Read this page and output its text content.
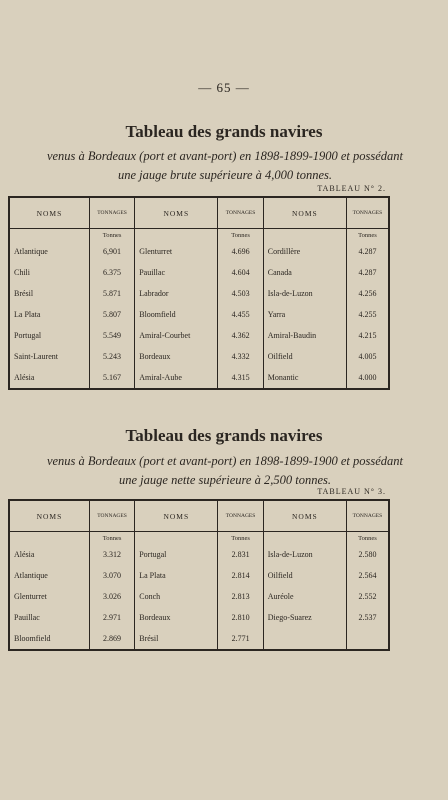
— 65 —
Tableau des grands navires
venus à Bordeaux (port et avant-port) en 1898-1899-1900 et possédant
une jauge brute supérieure à 4,000 tonnes.
TABLEAU N° 2.
NOMS	TONNAGES	NOMS	TONNAGES	NOMS	TONNAGES
	Tonnes		Tonnes		Tonnes
Atlantique	6,901	Glenturret	4.696	Cordillère	4.287
Chili	6.375	Pauillac	4.604	Canada	4.287
Brésil	5.871	Labrador	4.503	Isla-de-Luzon	4.256
La Plata	5.807	Bloomfield	4.455	Yarra	4.255
Portugal	5.549	Amiral-Courbet	4.362	Amiral-Baudin	4.215
Saint-Laurent	5.243	Bordeaux	4.332	Oilfield	4.005
Alésia	5.167	Amiral-Aube	4.315	Monantic	4.000
Tableau des grands navires
venus à Bordeaux (port et avant-port) en 1898-1899-1900 et possédant
une jauge nette supérieure à 2,500 tonnes.
TABLEAU N° 3.
NOMS	TONNAGES	NOMS	TONNAGES	NOMS	TONNAGES
	Tonnes		Tonnes		Tonnes
Alésia	3.312	Portugal	2.831	Isla-de-Luzon	2.580
Atlantique	3.070	La Plata	2.814	Oilfield	2.564
Glenturret	3.026	Conch	2.813	Auréole	2.552
Pauillac	2.971	Bordeaux	2.810	Diego-Suarez	2.537
Bloomfield	2.869	Brésil	2.771		
